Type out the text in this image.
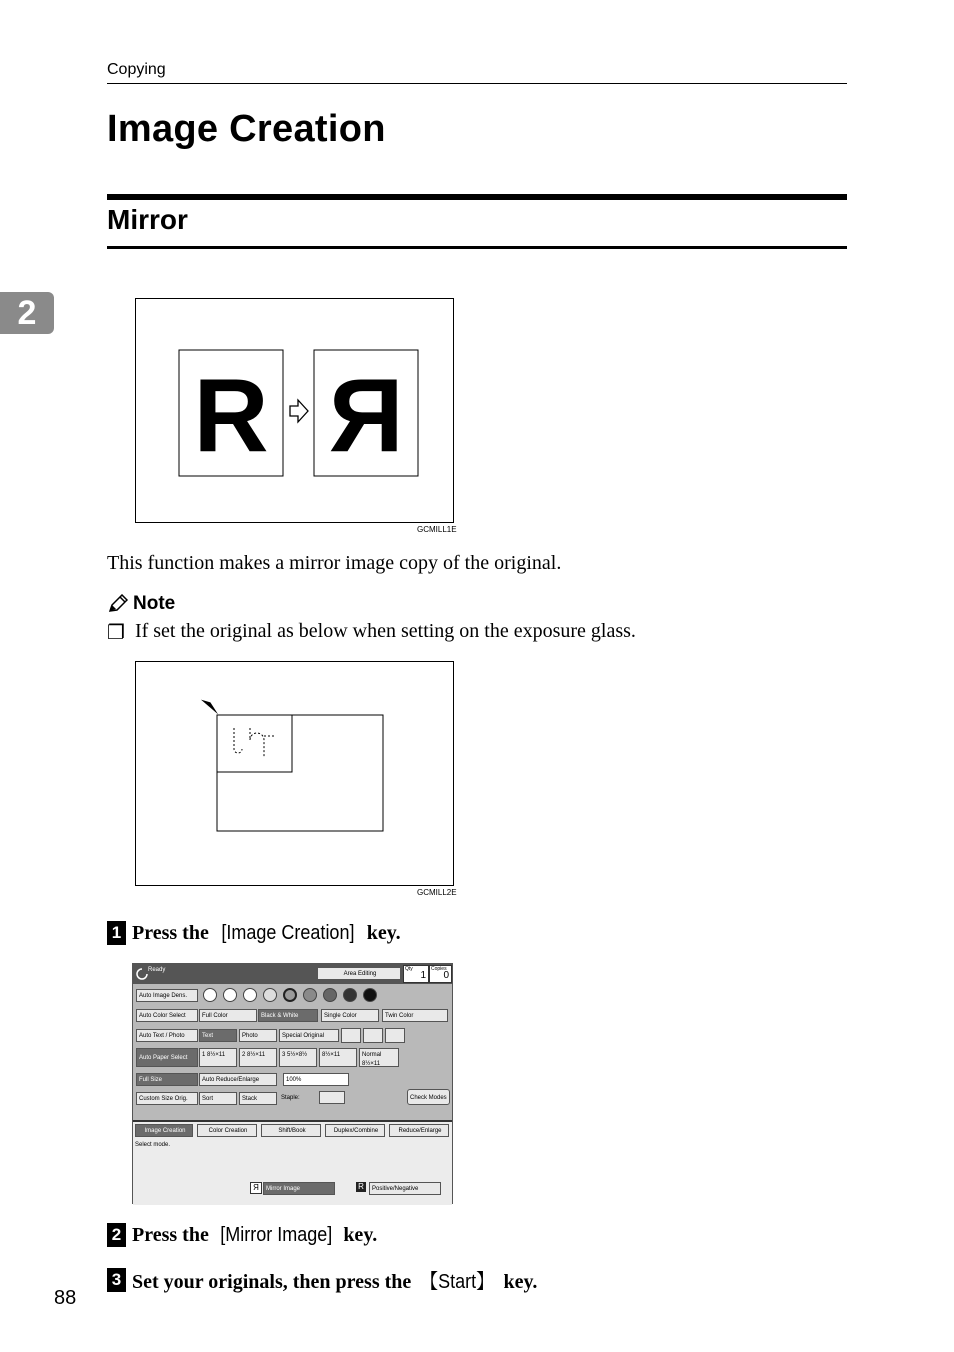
Copying
2
Image Creation
Mirror
R R
GCMILL1E
This function makes a mirror image copy of the original.
Note
❐ If set the original as below when setting on the exposure glass.
GCMILL2E
1 Press the [Image Creation] key.
Ready
Area Editing
Qty
1
Copies
0
Auto Image Dens.
Auto Color Select	Full Color	Black & White	Single Color	Twin Color
Auto Text / Photo	Text	Photo	Special Original
Auto Paper Select	1 8½×11	2 8½×11	3 5½×8½	8½×11	Normal 8½×11
Full Size	Auto Reduce/Enlarge	100%
Custom Size Orig.	Sort	Stack	Staple:	Check Modes
Image Creation	Color Creation	Shift/Book	Duplex/Combine	Reduce/Enlarge
Select mode.
R	Mirror Image	R	Positive/Negative
2 Press the [Mirror Image] key.
3 Set your originals, then press the 【Start】 key.
88
